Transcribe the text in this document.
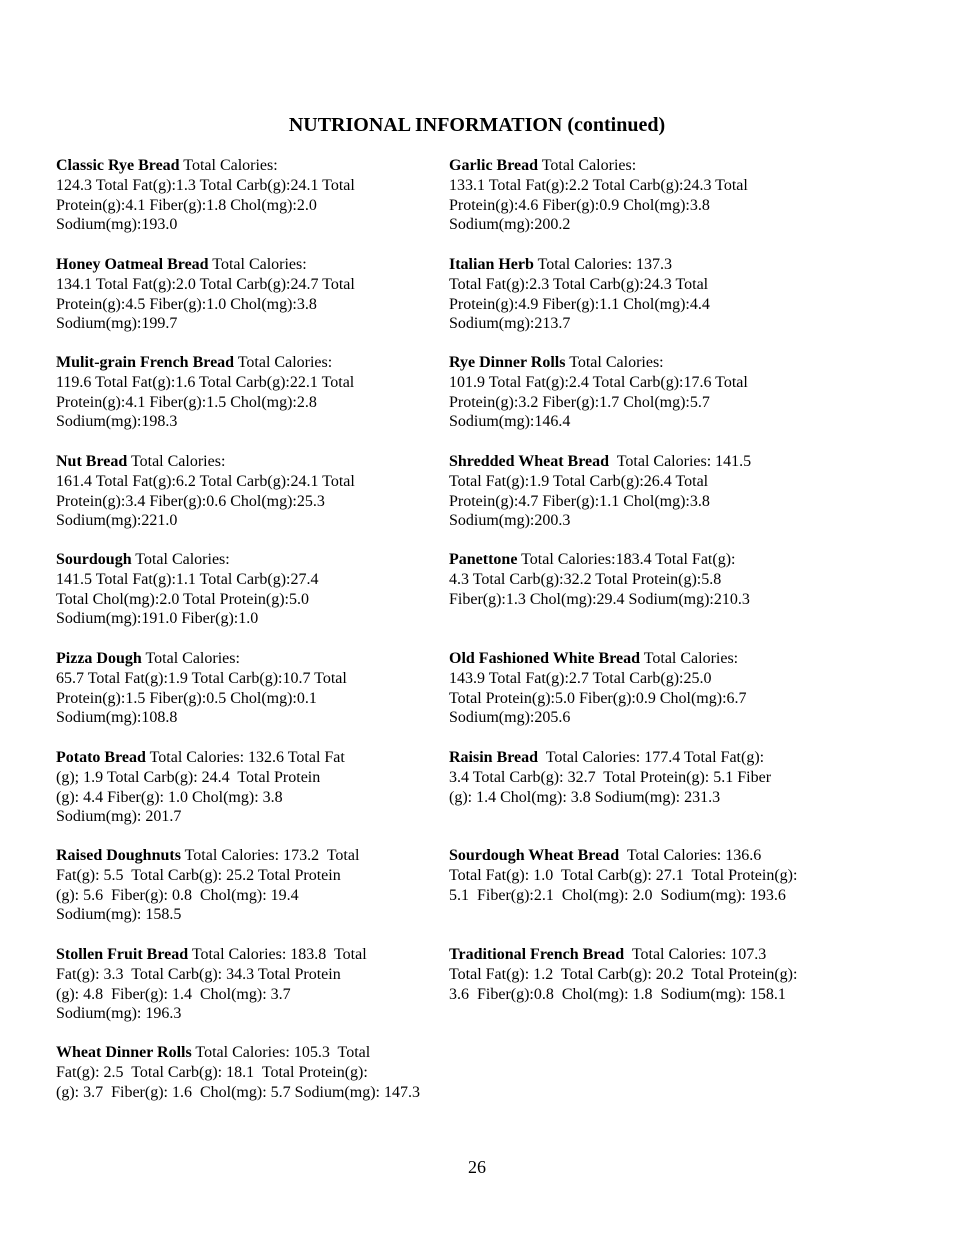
NUTRIONAL INFORMATION (continued)
Classic Rye Bread Total Calories:
124.3 Total Fat(g):1.3 Total Carb(g):24.1 Total
Protein(g):4.1 Fiber(g):1.8 Chol(mg):2.0
Sodium(mg):193.0
Honey Oatmeal Bread Total Calories:
134.1 Total Fat(g):2.0 Total Carb(g):24.7 Total
Protein(g):4.5 Fiber(g):1.0 Chol(mg):3.8
Sodium(mg):199.7
Mulit-grain French Bread Total Calories:
119.6 Total Fat(g):1.6 Total Carb(g):22.1 Total
Protein(g):4.1 Fiber(g):1.5 Chol(mg):2.8
Sodium(mg):198.3
Nut Bread Total Calories:
161.4 Total Fat(g):6.2 Total Carb(g):24.1 Total
Protein(g):3.4 Fiber(g):0.6 Chol(mg):25.3
Sodium(mg):221.0
Sourdough Total Calories:
141.5 Total Fat(g):1.1 Total Carb(g):27.4
Total Chol(mg):2.0 Total Protein(g):5.0
Sodium(mg):191.0 Fiber(g):1.0
Pizza Dough Total Calories:
65.7 Total Fat(g):1.9 Total Carb(g):10.7 Total
Protein(g):1.5 Fiber(g):0.5 Chol(mg):0.1
Sodium(mg):108.8
Potato Bread Total Calories: 132.6 Total Fat
(g); 1.9 Total Carb(g): 24.4  Total Protein
(g): 4.4 Fiber(g): 1.0 Chol(mg): 3.8
Sodium(mg): 201.7
Raised Doughnuts Total Calories: 173.2  Total
Fat(g): 5.5  Total Carb(g): 25.2 Total Protein
(g): 5.6  Fiber(g): 0.8  Chol(mg): 19.4
Sodium(mg): 158.5
Stollen Fruit Bread Total Calories: 183.8  Total
Fat(g): 3.3  Total Carb(g): 34.3 Total Protein
(g): 4.8  Fiber(g): 1.4  Chol(mg): 3.7
Sodium(mg): 196.3
Wheat Dinner Rolls Total Calories: 105.3  Total
Fat(g): 2.5  Total Carb(g): 18.1  Total Protein(g):
(g): 3.7  Fiber(g): 1.6  Chol(mg): 5.7 Sodium(mg): 147.3
Garlic Bread Total Calories:
133.1 Total Fat(g):2.2 Total Carb(g):24.3 Total
Protein(g):4.6 Fiber(g):0.9 Chol(mg):3.8
Sodium(mg):200.2
Italian Herb Total Calories: 137.3
Total Fat(g):2.3 Total Carb(g):24.3 Total
Protein(g):4.9 Fiber(g):1.1 Chol(mg):4.4
Sodium(mg):213.7
Rye Dinner Rolls Total Calories:
101.9 Total Fat(g):2.4 Total Carb(g):17.6 Total
Protein(g):3.2 Fiber(g):1.7 Chol(mg):5.7
Sodium(mg):146.4
Shredded Wheat Bread  Total Calories: 141.5
Total Fat(g):1.9 Total Carb(g):26.4 Total
Protein(g):4.7 Fiber(g):1.1 Chol(mg):3.8
Sodium(mg):200.3
Panettone Total Calories:183.4 Total Fat(g):
4.3 Total Carb(g):32.2 Total Protein(g):5.8
Fiber(g):1.3 Chol(mg):29.4 Sodium(mg):210.3
Old Fashioned White Bread Total Calories:
143.9 Total Fat(g):2.7 Total Carb(g):25.0
Total Protein(g):5.0 Fiber(g):0.9 Chol(mg):6.7
Sodium(mg):205.6
Raisin Bread  Total Calories: 177.4 Total Fat(g):
3.4 Total Carb(g): 32.7  Total Protein(g): 5.1 Fiber
(g): 1.4 Chol(mg): 3.8 Sodium(mg): 231.3
Sourdough Wheat Bread  Total Calories: 136.6
Total Fat(g): 1.0  Total Carb(g): 27.1  Total Protein(g):
5.1  Fiber(g):2.1  Chol(mg): 2.0  Sodium(mg): 193.6
Traditional French Bread  Total Calories: 107.3
Total Fat(g): 1.2  Total Carb(g): 20.2  Total Protein(g):
3.6  Fiber(g):0.8  Chol(mg): 1.8  Sodium(mg): 158.1
26
